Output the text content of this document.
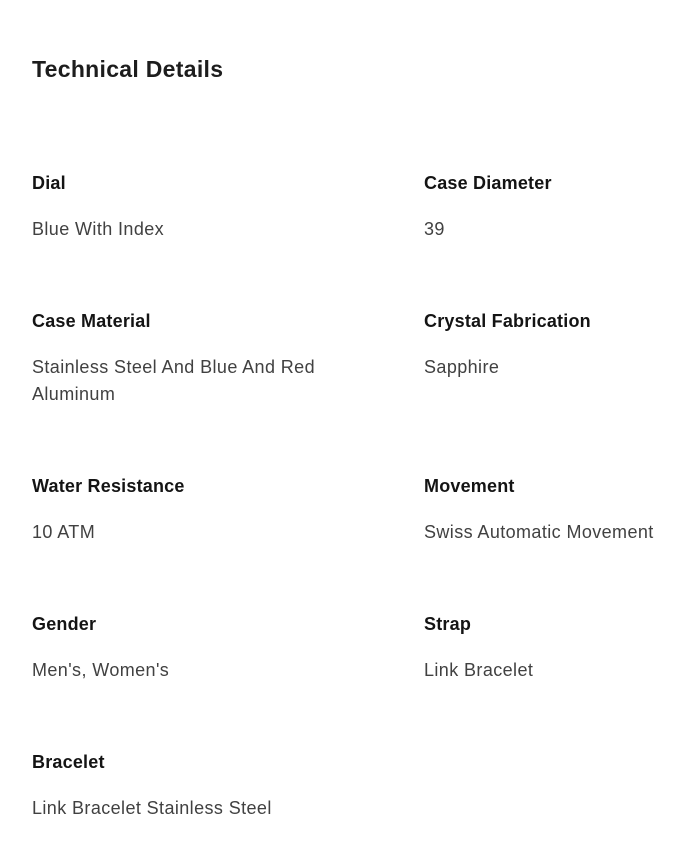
Technical Details
Dial

Blue With Index

Case Diameter

39

Case Material

Stainless Steel And Blue And Red Aluminum

Crystal Fabrication

Sapphire

Water Resistance

10 ATM

Movement

Swiss Automatic Movement

Gender

Men's, Women's

Strap

Link Bracelet

Bracelet

Link Bracelet Stainless Steel
